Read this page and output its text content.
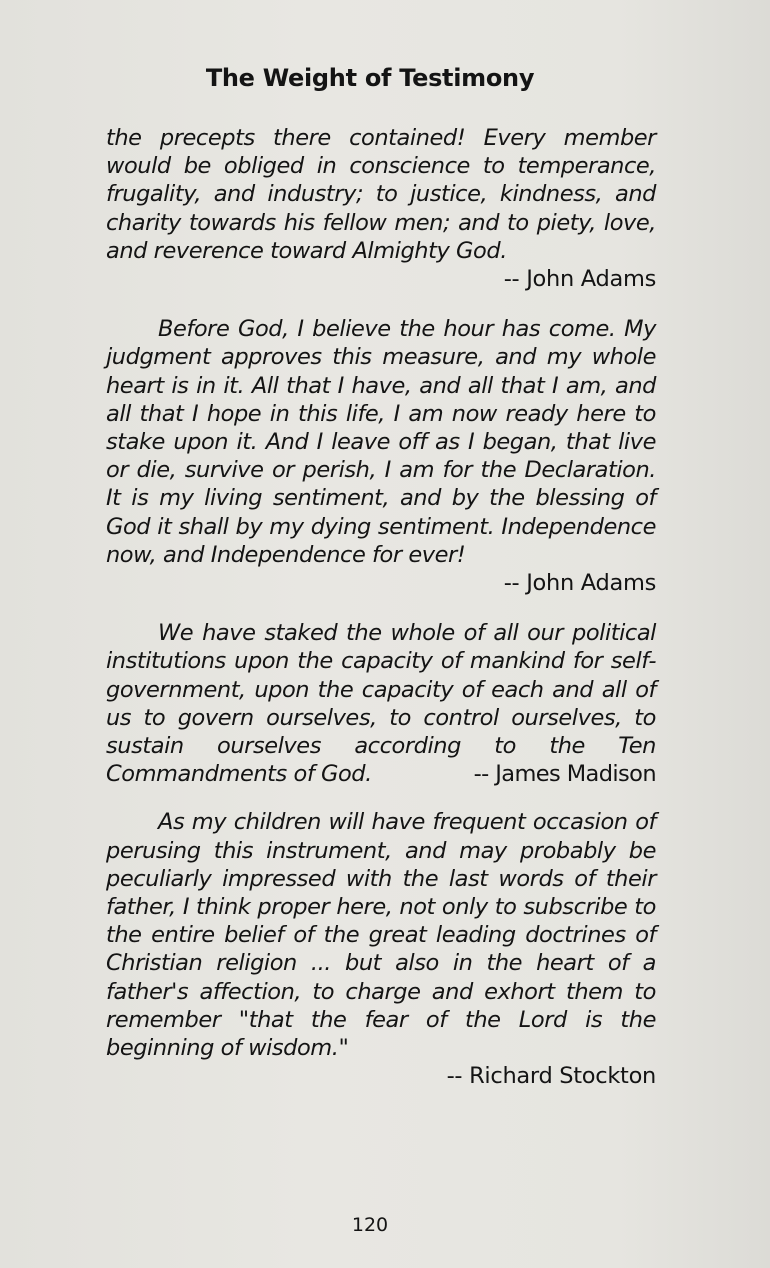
The Weight of Testimony

the precepts there contained! Every member would be obliged in conscience to temperance, frugality, and industry; to justice, kindness, and charity towards his fellow men; and to piety, love, and reverence toward Almighty God.

-- John Adams

Before God, I believe the hour has come. My judgment approves this measure, and my whole heart is in it. All that I have, and all that I am, and all that I hope in this life, I am now ready here to stake upon it. And I leave off as I began, that live or die, survive or perish, I am for the Declaration. It is my living sentiment, and by the blessing of God it shall by my dying sentiment. Independence now, and Independence for ever!

-- John Adams

We have staked the whole of all our political institutions upon the capacity of mankind for self-government, upon the capacity of each and all of us to govern ourselves, to control ourselves, to sustain ourselves according to the Ten Commandments of God.	-- James Madison

As my children will have frequent occasion of perusing this instrument, and may probably be peculiarly impressed with the last words of their father, I think proper here, not only to subscribe to the entire belief of the great leading doctrines of Christian religion ... but also in the heart of a father's affection, to charge and exhort them to remember "that the fear of the Lord is the beginning of wisdom."

-- Richard Stockton
120
